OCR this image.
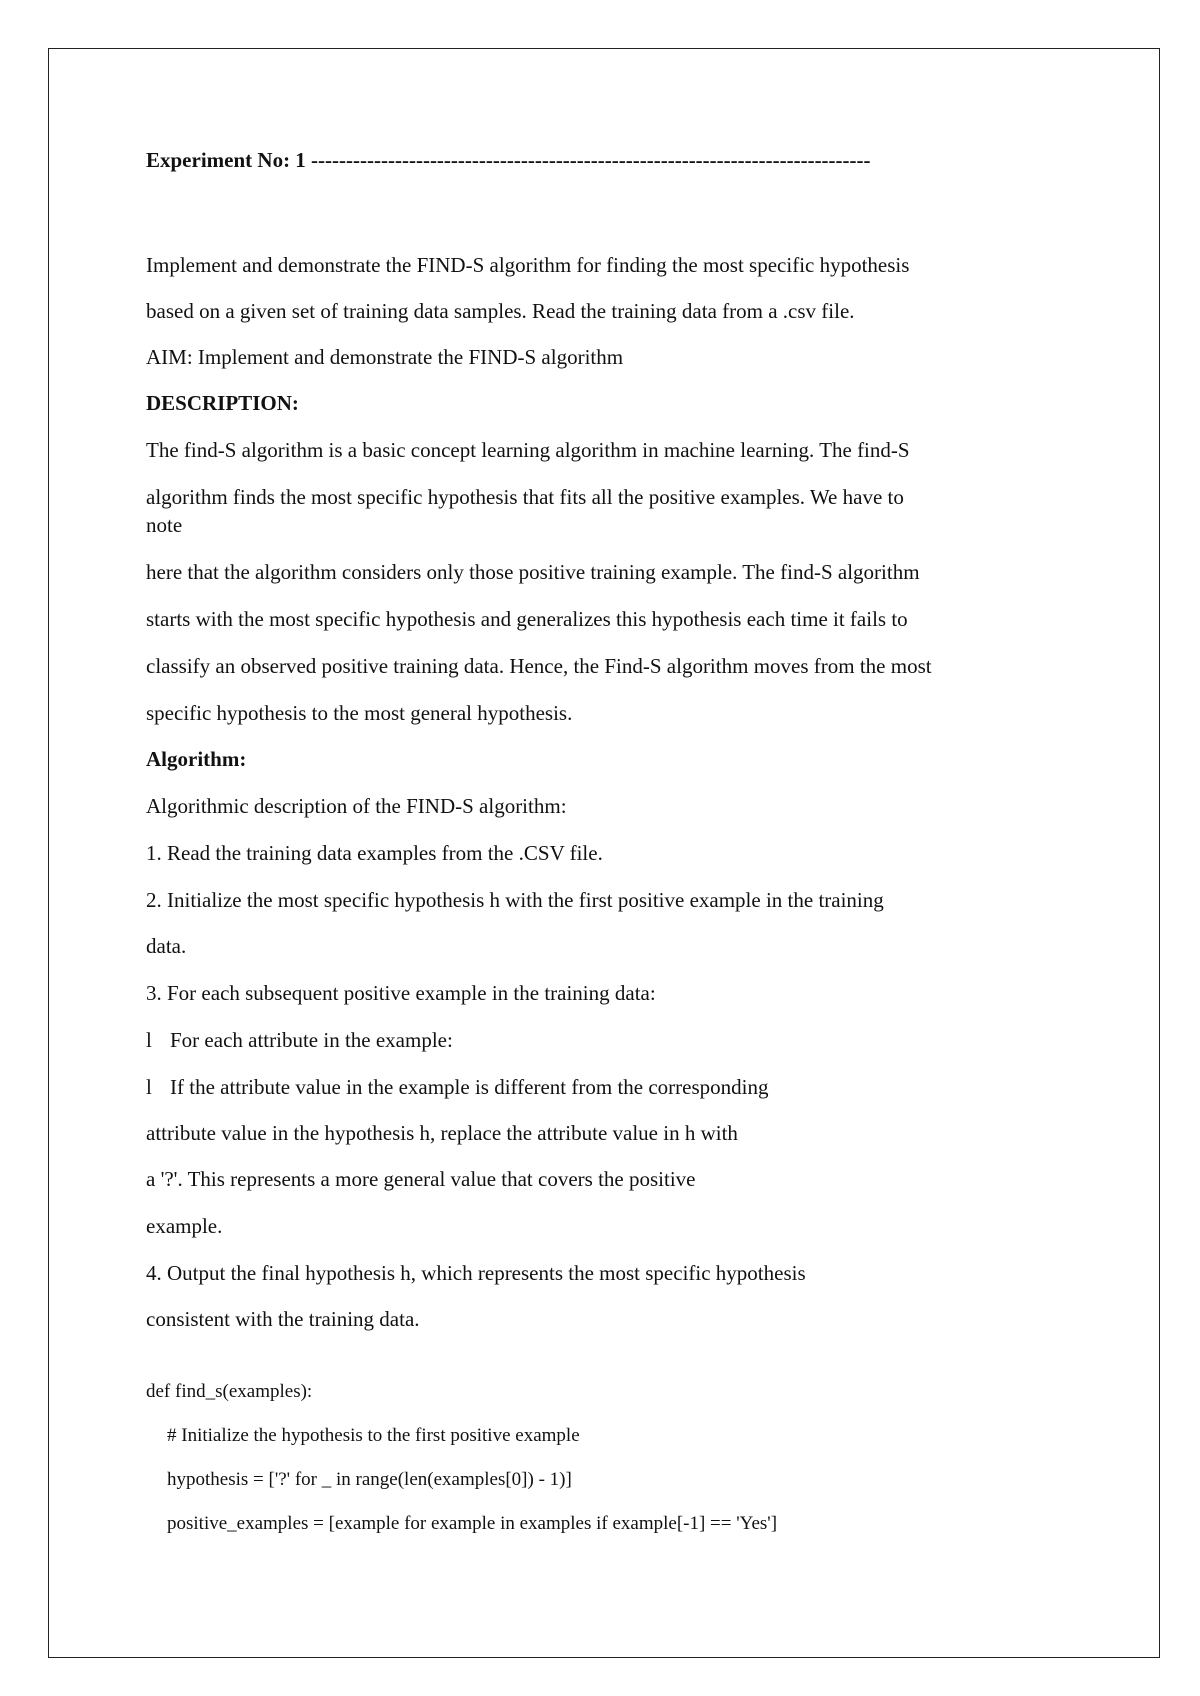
Experiment No: 1 --------------------------------------------------------------------------------
Implement and demonstrate the FIND-S algorithm for finding the most specific hypothesis
based on a given set of training data samples. Read the training data from a .csv file.
AIM: Implement and demonstrate the FIND-S algorithm
DESCRIPTION:
The find-S algorithm is a basic concept learning algorithm in machine learning. The find-S
algorithm finds the most specific hypothesis that fits all the positive examples. We have to
note
here that the algorithm considers only those positive training example. The find-S algorithm
starts with the most specific hypothesis and generalizes this hypothesis each time it fails to
classify an observed positive training data. Hence, the Find-S algorithm moves from the most
specific hypothesis to the most general hypothesis.
Algorithm:
Algorithmic description of the FIND-S algorithm:
1. Read the training data examples from the .CSV file.
2. Initialize the most specific hypothesis h with the first positive example in the training
data.
3. For each subsequent positive example in the training data:
l For each attribute in the example:
l If the attribute value in the example is different from the corresponding
attribute value in the hypothesis h, replace the attribute value in h with
a '?'. This represents a more general value that covers the positive
example.
4. Output the final hypothesis h, which represents the most specific hypothesis
consistent with the training data.
def find_s(examples):
# Initialize the hypothesis to the first positive example
hypothesis = ['?' for _ in range(len(examples[0]) - 1)]
positive_examples = [example for example in examples if example[-1] == 'Yes']
